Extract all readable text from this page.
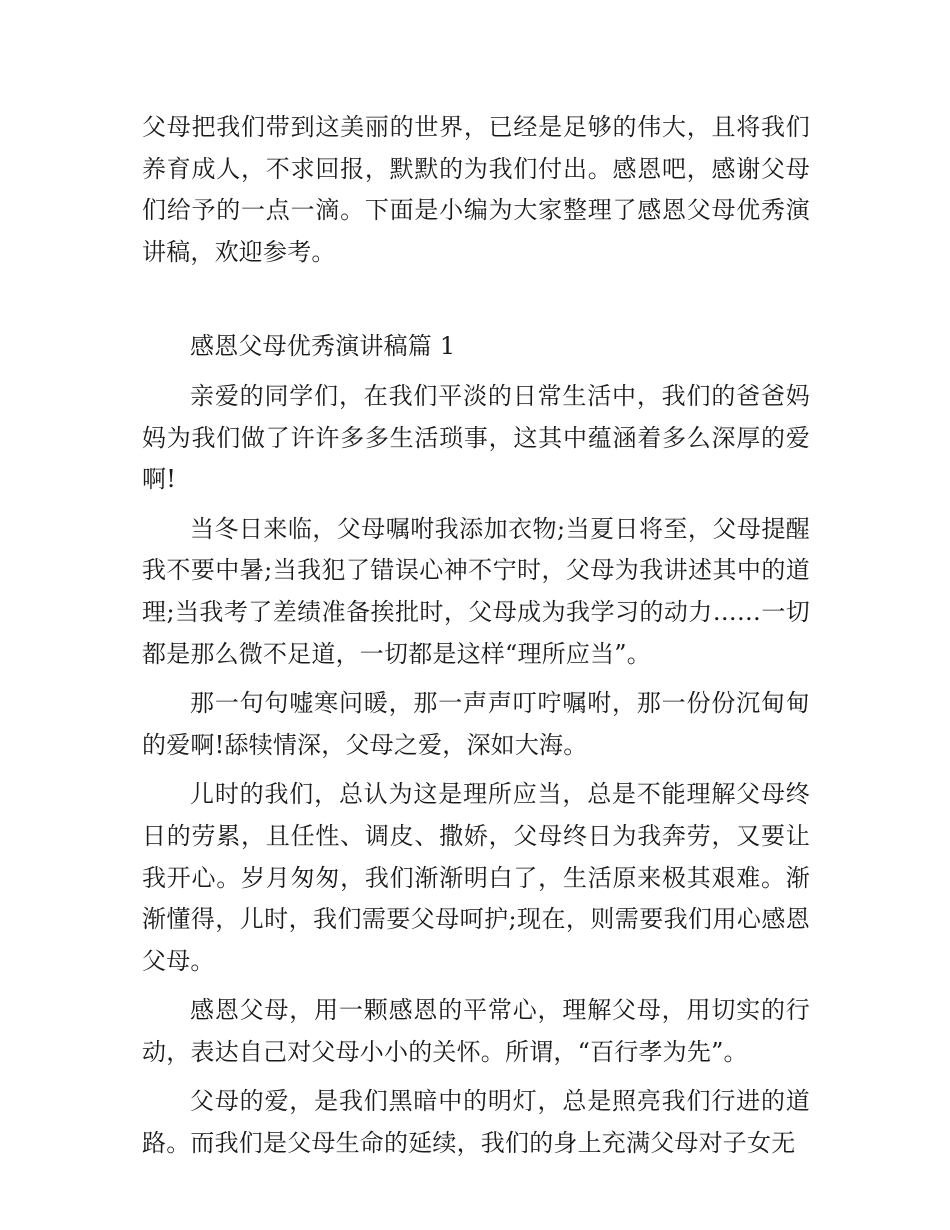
父母把我们带到这美丽的世界，已经是足够的伟大，且将我们养育成人，不求回报，默默的为我们付出。感恩吧，感谢父母们给予的一点一滴。下面是小编为大家整理了感恩父母优秀演讲稿，欢迎参考。

感恩父母优秀演讲稿篇 1

亲爱的同学们，在我们平淡的日常生活中，我们的爸爸妈妈为我们做了许许多多生活琐事，这其中蕴涵着多么深厚的爱啊!

当冬日来临，父母嘱咐我添加衣物;当夏日将至，父母提醒我不要中暑;当我犯了错误心神不宁时，父母为我讲述其中的道理;当我考了差绩准备挨批时，父母成为我学习的动力……一切都是那么微不足道，一切都是这样“理所应当”。

那一句句嘘寒问暖，那一声声叮咛嘱咐，那一份份沉甸甸的爱啊!舔犊情深，父母之爱，深如大海。

儿时的我们，总认为这是理所应当，总是不能理解父母终日的劳累，且任性、调皮、撒娇，父母终日为我奔劳，又要让我开心。岁月匆匆，我们渐渐明白了，生活原来极其艰难。渐渐懂得，儿时，我们需要父母呵护;现在，则需要我们用心感恩父母。

感恩父母，用一颗感恩的平常心，理解父母，用切实的行动，表达自己对父母小小的关怀。所谓，“百行孝为先”。

父母的爱，是我们黑暗中的明灯，总是照亮我们行进的道路。而我们是父母生命的延续，我们的身上充满父母对子女无
